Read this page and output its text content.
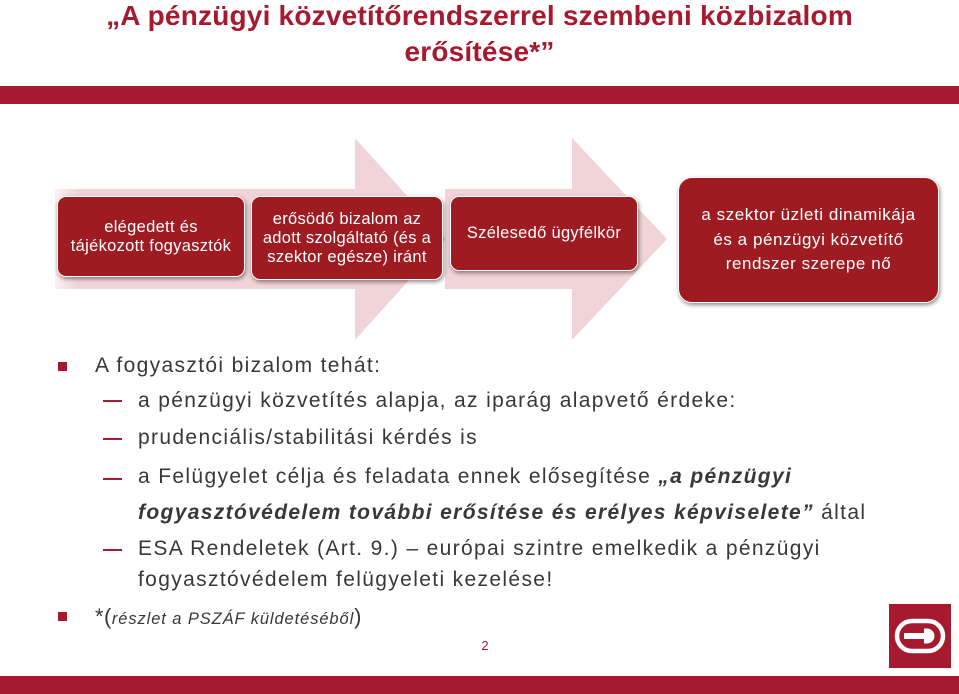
„A pénzügyi közvetítőrendszerrel szembeni közbizalom
erősítése*”
elégedett és
tájékozott fogyasztók
erősödő bizalom az
adott szolgáltató (és a
szektor egésze) iránt
Szélesedő ügyfélkör
a szektor üzleti dinamikája
és a pénzügyi közvetítő
rendszer szerepe nő
A fogyasztói bizalom tehát:
a pénzügyi közvetítés alapja, az iparág alapvető érdeke:
prudenciális/stabilitási kérdés is
a Felügyelet célja és feladata ennek elősegítése „a pénzügyi
fogyasztóvédelem további erősítése és erélyes képviselete” által
ESA Rendeletek (Art. 9.) – európai szintre emelkedik a pénzügyi
fogyasztóvédelem felügyeleti kezelése!
*(részlet a PSZÁF küldetéséből)
2
